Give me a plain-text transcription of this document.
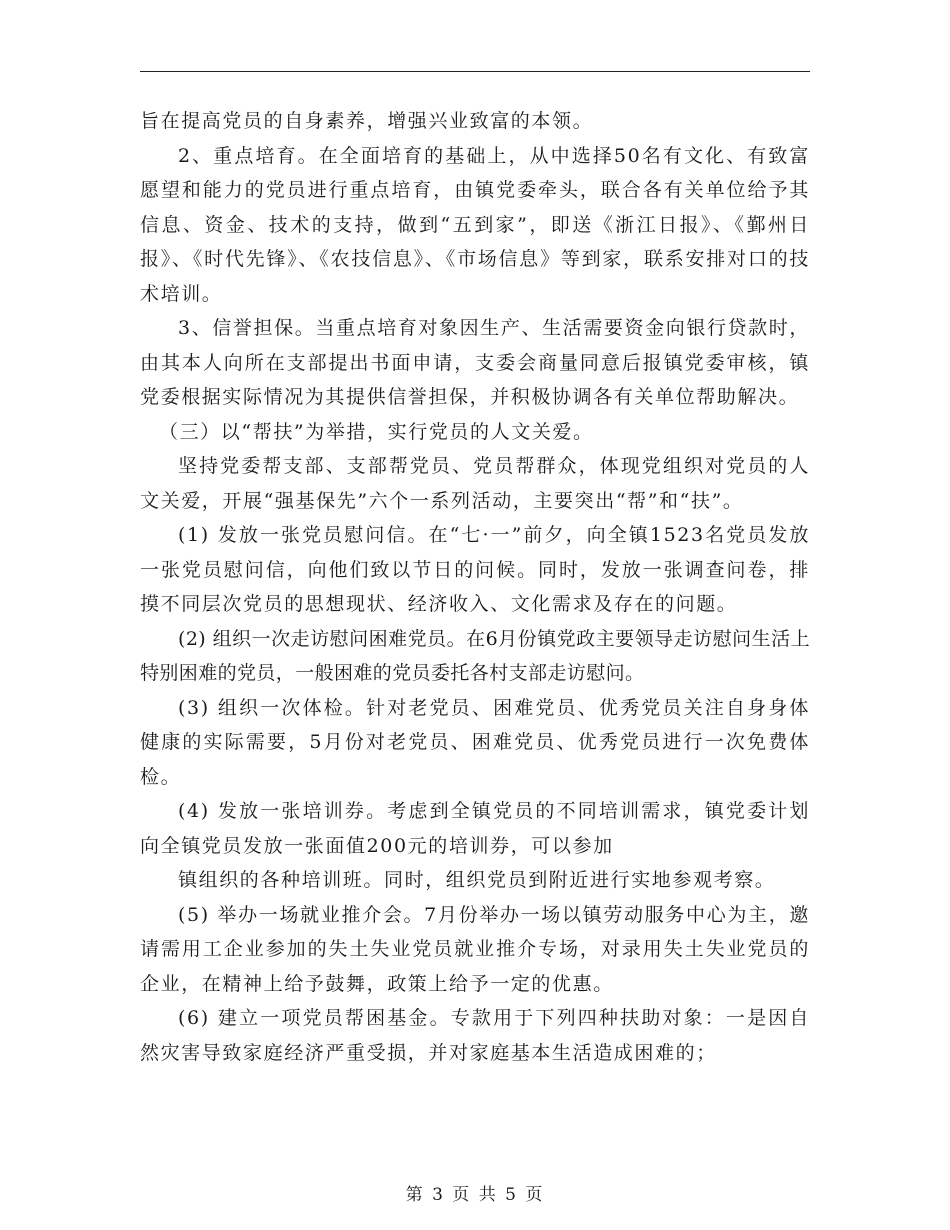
旨在提高党员的自身素养，增强兴业致富的本领。

2、重点培育。在全面培育的基础上，从中选择50名有文化、有致富愿望和能力的党员进行重点培育，由镇党委牵头，联合各有关单位给予其信息、资金、技术的支持，做到“五到家”，即送《浙江日报》、《鄞州日报》、《时代先锋》、《农技信息》、《市场信息》等到家，联系安排对口的技术培训。

3、信誉担保。当重点培育对象因生产、生活需要资金向银行贷款时，由其本人向所在支部提出书面申请，支委会商量同意后报镇党委审核，镇党委根据实际情况为其提供信誉担保，并积极协调各有关单位帮助解决。

（三）以“帮扶”为举措，实行党员的人文关爱。

坚持党委帮支部、支部帮党员、党员帮群众，体现党组织对党员的人文关爱，开展“强基保先”六个一系列活动，主要突出“帮”和“扶”。

(1) 发放一张党员慰问信。在“七·一”前夕，向全镇1523名党员发放一张党员慰问信，向他们致以节日的问候。同时，发放一张调查问卷，排摸不同层次党员的思想现状、经济收入、文化需求及存在的问题。

(2) 组织一次走访慰问困难党员。在6月份镇党政主要领导走访慰问生活上特别困难的党员，一般困难的党员委托各村支部走访慰问。

(3) 组织一次体检。针对老党员、困难党员、优秀党员关注自身身体健康的实际需要，5月份对老党员、困难党员、优秀党员进行一次免费体检。

(4) 发放一张培训券。考虑到全镇党员的不同培训需求，镇党委计划向全镇党员发放一张面值200元的培训券，可以参加

镇组织的各种培训班。同时，组织党员到附近进行实地参观考察。

(5) 举办一场就业推介会。7月份举办一场以镇劳动服务中心为主，邀请需用工企业参加的失土失业党员就业推介专场，对录用失土失业党员的企业，在精神上给予鼓舞，政策上给予一定的优惠。

(6) 建立一项党员帮困基金。专款用于下列四种扶助对象：一是因自然灾害导致家庭经济严重受损，并对家庭基本生活造成困难的；

第 3 页 共 5 页
